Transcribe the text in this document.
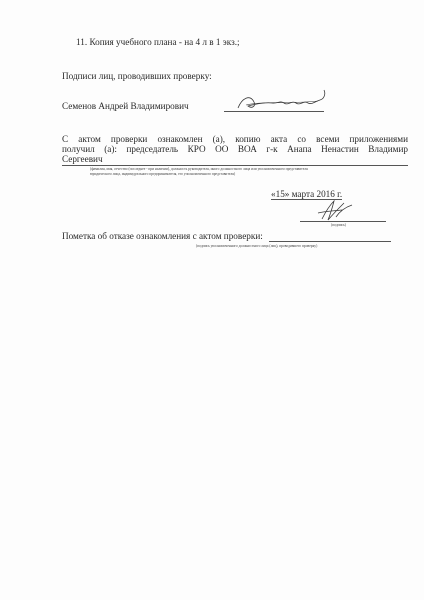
11. Копия учебного плана - на 4 л в 1 экз.;
Подписи лиц, проводивших проверку:
Семенов Андрей Владимирович
С актом проверки ознакомлен (а), копию акта со всеми приложениями
получил (а): председатель КРО ОО ВОА г-к Анапа Ненастин Владимир
Сергеевич
(фамилия, имя, отчество (последнее - при наличии), должность руководителя, иного должностного лица или уполномоченного представителя юридического лица, индивидуального предпринимателя, его уполномоченного представителя)
«15» марта 2016 г.
(подпись)
Пометка об отказе ознакомления с актом проверки:
(подпись уполномоченного должностного лица (лиц), проводившего проверку)
